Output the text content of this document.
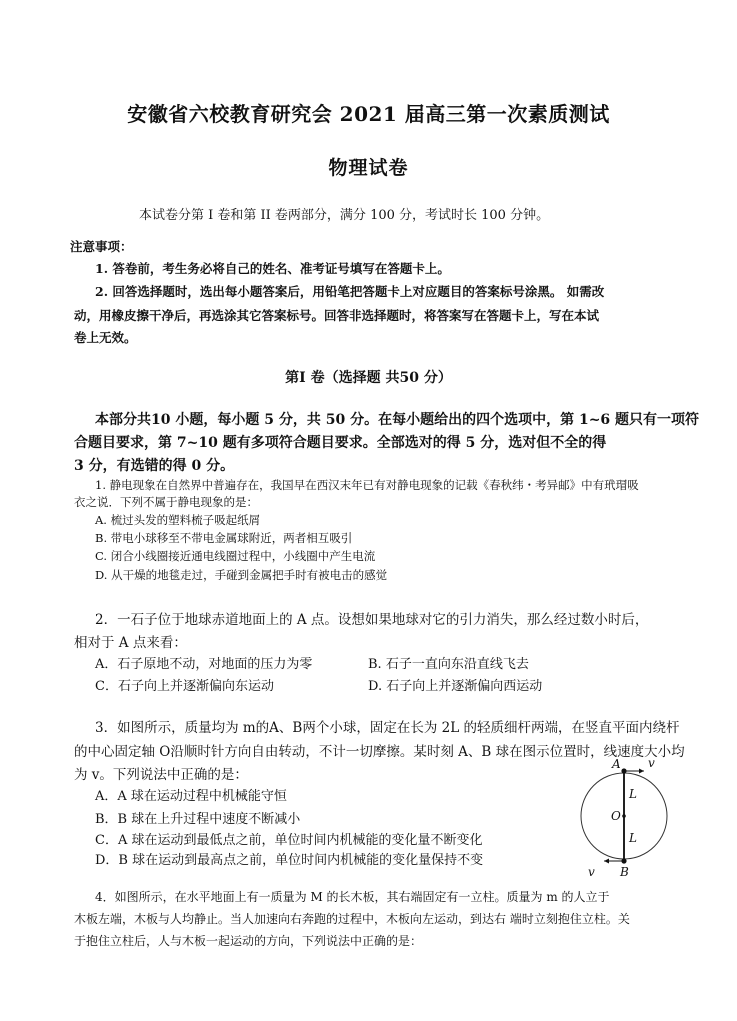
安徽省六校教育研究会 2021 届高三第一次素质测试
物理试卷
本试卷分第 I 卷和第 II 卷两部分，满分 100 分，考试时长 100 分钟。
注意事项：
1. 答卷前，考生务必将自己的姓名、准考证号填写在答题卡上。
2. 回答选择题时，选出每小题答案后，用铅笔把答题卡上对应题目的答案标号涂黑。 如需改
动，用橡皮擦干净后，再选涂其它答案标号。回答非选择题时，将答案写在答题卡上，写在本试
卷上无效。
第I 卷（选择题 共50 分）
本部分共10 小题，每小题 5 分，共 50 分。在每小题给出的四个选项中，第 1~6 题只有一项符
合题目要求，第 7~10 题有多项符合题目要求。全部选对的得 5 分，选对但不全的得
3 分，有选错的得 0 分。
1. 静电现象在自然界中普遍存在，我国早在西汉末年已有对静电现象的记载《春秋纬・考异邮》中有玳瑁吸
衣之说．下列不属于静电现象的是：
A. 梳过头发的塑料梳子吸起纸屑
B. 带电小球移至不带电金属球附近，两者相互吸引
C. 闭合小线圈接近通电线圈过程中，小线圈中产生电流
D. 从干燥的地毯走过，手碰到金属把手时有被电击的感觉
2．一石子位于地球赤道地面上的 A 点。设想如果地球对它的引力消失，那么经过数小时后，
相对于 A 点来看：
A．石子原地不动，对地面的压力为零	B. 石子一直向东沿直线飞去
C．石子向上并逐渐偏向东运动	D. 石子向上并逐渐偏向西运动
3．如图所示，质量均为 m的A、B两个小球，固定在长为 2L 的轻质细杆两端，在竖直平面内绕杆
的中心固定轴 O沿顺时针方向自由转动，不计一切摩擦。某时刻 A、B 球在图示位置时，线速度大小均
为 v。下列说法中正确的是：
A．A 球在运动过程中机械能守恒
B．B 球在上升过程中速度不断减小
C．A 球在运动到最低点之前，单位时间内机械能的变化量不断变化
D．B 球在运动到最高点之前，单位时间内机械能的变化量保持不变
A v
L
O
L
v B
4．如图所示，在水平地面上有一质量为 M 的长木板，其右端固定有一立柱。质量为 m 的人立于
木板左端，木板与人均静止。当人加速向右奔跑的过程中，木板向左运动，到达右 端时立刻抱住立柱。关
于抱住立柱后，人与木板一起运动的方向，下列说法中正确的是：
